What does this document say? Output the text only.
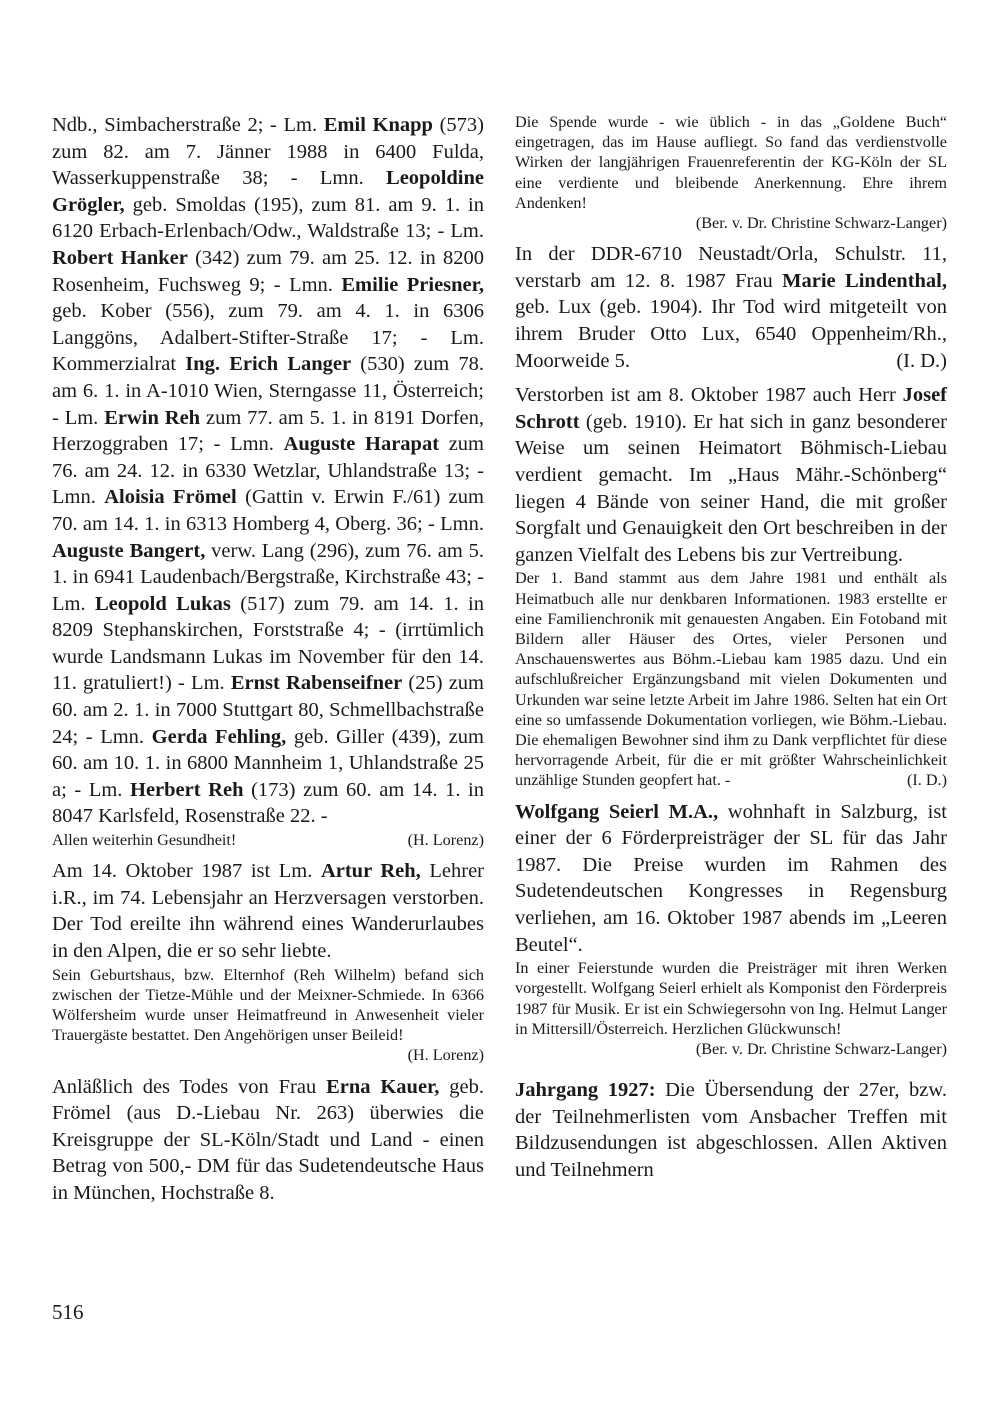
Ndb., Simbacherstraße 2; - Lm. Emil Knapp (573) zum 82. am 7. Jänner 1988 in 6400 Fulda, Wasserkuppenstraße 38; - Lmn. Leopoldine Grögler, geb. Smoldas (195), zum 81. am 9. 1. in 6120 Erbach-Erlenbach/Odw., Waldstraße 13; - Lm. Robert Hanker (342) zum 79. am 25. 12. in 8200 Rosenheim, Fuchsweg 9; - Lmn. Emilie Priesner, geb. Kober (556), zum 79. am 4. 1. in 6306 Langgöns, Adalbert-Stifter-Straße 17; - Lm. Kommerzialrat Ing. Erich Langer (530) zum 78. am 6. 1. in A-1010 Wien, Sterngasse 11, Österreich; - Lm. Erwin Reh zum 77. am 5. 1. in 8191 Dorfen, Herzoggraben 17; - Lmn. Auguste Harapat zum 76. am 24. 12. in 6330 Wetzlar, Uhlandstraße 13; - Lmn. Aloisia Frömel (Gattin v. Erwin F./61) zum 70. am 14. 1. in 6313 Homberg 4, Oberg. 36; - Lmn. Auguste Bangert, verw. Lang (296), zum 76. am 5. 1. in 6941 Laudenbach/Bergstraße, Kirchstraße 43; - Lm. Leopold Lukas (517) zum 79. am 14. 1. in 8209 Stephanskirchen, Forststraße 4; - (irrtümlich wurde Landsmann Lukas im November für den 14. 11. gratuliert!) - Lm. Ernst Rabenseifner (25) zum 60. am 2. 1. in 7000 Stuttgart 80, Schmellbachstraße 24; - Lmn. Gerda Fehling, geb. Giller (439), zum 60. am 10. 1. in 6800 Mannheim 1, Uhlandstraße 25 a; - Lm. Herbert Reh (173) zum 60. am 14. 1. in 8047 Karlsfeld, Rosenstraße 22. -

Allen weiterhin Gesundheit!	(H. Lorenz)

Am 14. Oktober 1987 ist Lm. Artur Reh, Lehrer i.R., im 74. Lebensjahr an Herzversagen verstorben. Der Tod ereilte ihn während eines Wanderurlaubes in den Alpen, die er so sehr liebte.

Sein Geburtshaus, bzw. Elternhof (Reh Wilhelm) befand sich zwischen der Tietze-Mühle und der Meixner-Schmiede. In 6366 Wölfersheim wurde unser Heimatfreund in Anwesenheit vieler Trauergäste bestattet. Den Angehörigen unser Beileid!

(H. Lorenz)

Anläßlich des Todes von Frau Erna Kauer, geb. Frömel (aus D.-Liebau Nr. 263) überwies die Kreisgruppe der SL-Köln/Stadt und Land - einen Betrag von 500,- DM für das Sudetendeutsche Haus in München, Hochstraße 8.

Die Spende wurde - wie üblich - in das „Goldene Buch“ eingetragen, das im Hause aufliegt. So fand das verdienstvolle Wirken der langjährigen Frauenreferentin der KG-Köln der SL eine verdiente und bleibende Anerkennung. Ehre ihrem Andenken!

(Ber. v. Dr. Christine Schwarz-Langer)

In der DDR-6710 Neustadt/Orla, Schulstr. 11, verstarb am 12. 8. 1987 Frau Marie Lindenthal, geb. Lux (geb. 1904). Ihr Tod wird mitgeteilt von ihrem Bruder Otto Lux, 6540 Oppenheim/Rh., Moorweide 5.	(I. D.)

Verstorben ist am 8. Oktober 1987 auch Herr Josef Schrott (geb. 1910). Er hat sich in ganz besonderer Weise um seinen Heimatort Böhmisch-Liebau verdient gemacht. Im „Haus Mähr.-Schönberg“ liegen 4 Bände von seiner Hand, die mit großer Sorgfalt und Genauigkeit den Ort beschreiben in der ganzen Vielfalt des Lebens bis zur Vertreibung.

Der 1. Band stammt aus dem Jahre 1981 und enthält als Heimatbuch alle nur denkbaren Informationen. 1983 erstellte er eine Familienchronik mit genauesten Angaben. Ein Fotoband mit Bildern aller Häuser des Ortes, vieler Personen und Anschauenswertes aus Böhm.-Liebau kam 1985 dazu. Und ein aufschlußreicher Ergänzungsband mit vielen Dokumenten und Urkunden war seine letzte Arbeit im Jahre 1986. Selten hat ein Ort eine so umfassende Dokumentation vorliegen, wie Böhm.-Liebau. Die ehemaligen Bewohner sind ihm zu Dank verpflichtet für diese hervorragende Arbeit, für die er mit größter Wahrscheinlichkeit unzählige Stunden geopfert hat. -	(I. D.)

Wolfgang Seierl M.A., wohnhaft in Salzburg, ist einer der 6 Förderpreisträger der SL für das Jahr 1987. Die Preise wurden im Rahmen des Sudetendeutschen Kongresses in Regensburg verliehen, am 16. Oktober 1987 abends im „Leeren Beutel“.

In einer Feierstunde wurden die Preisträger mit ihren Werken vorgestellt. Wolfgang Seierl erhielt als Komponist den Förderpreis 1987 für Musik. Er ist ein Schwiegersohn von Ing. Helmut Langer in Mittersill/Österreich. Herzlichen Glückwunsch!

(Ber. v. Dr. Christine Schwarz-Langer)

Jahrgang 1927: Die Übersendung der 27er, bzw. der Teilnehmerlisten vom Ansbacher Treffen mit Bildzusendungen ist abgeschlossen. Allen Aktiven und Teilnehmern

516
